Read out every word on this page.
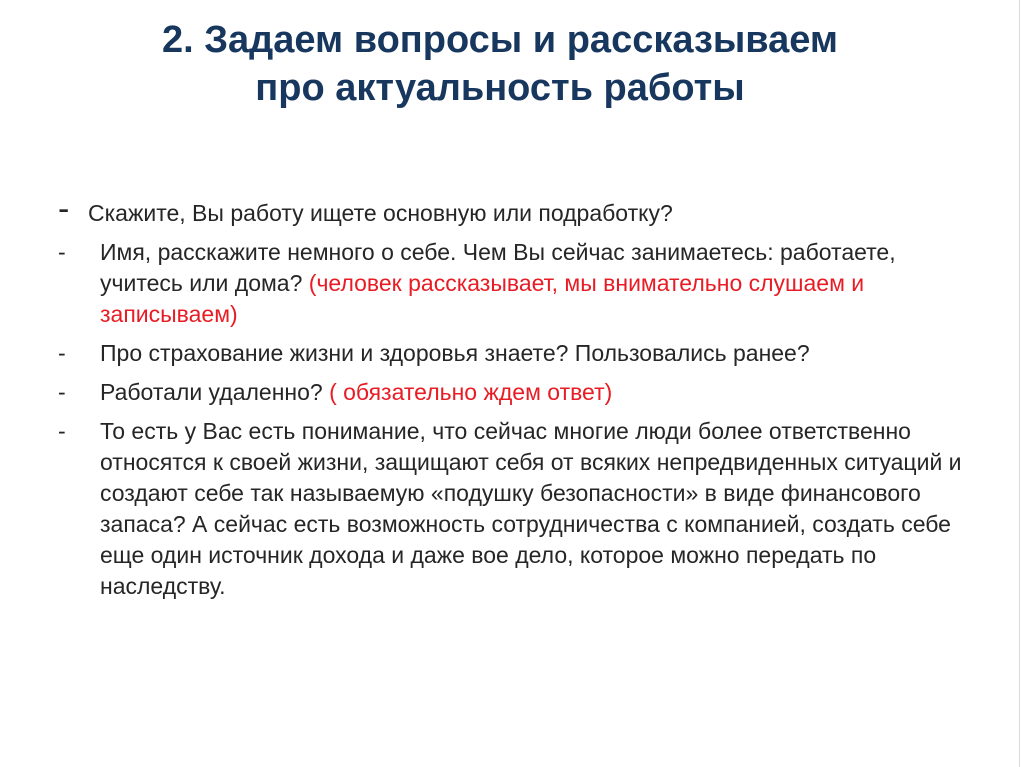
2. Задаем вопросы и рассказываем
про актуальность работы
- Скажите, Вы работу ищете основную или подработку?
-	Имя, расскажите немного о себе. Чем Вы сейчас занимаетесь: работаете, учитесь или дома? (человек рассказывает, мы внимательно слушаем и записываем)
-	Про страхование жизни и здоровья знаете? Пользовались ранее?
-	Работали удаленно? ( обязательно ждем ответ)
-	То есть у Вас есть понимание, что сейчас многие люди более ответственно относятся к своей жизни, защищают себя от всяких непредвиденных ситуаций и создают себе так называемую «подушку безопасности» в виде финансового запаса? А сейчас есть возможность сотрудничества с компанией, создать себе еще один источник дохода и даже вое дело, которое можно передать по наследству.
